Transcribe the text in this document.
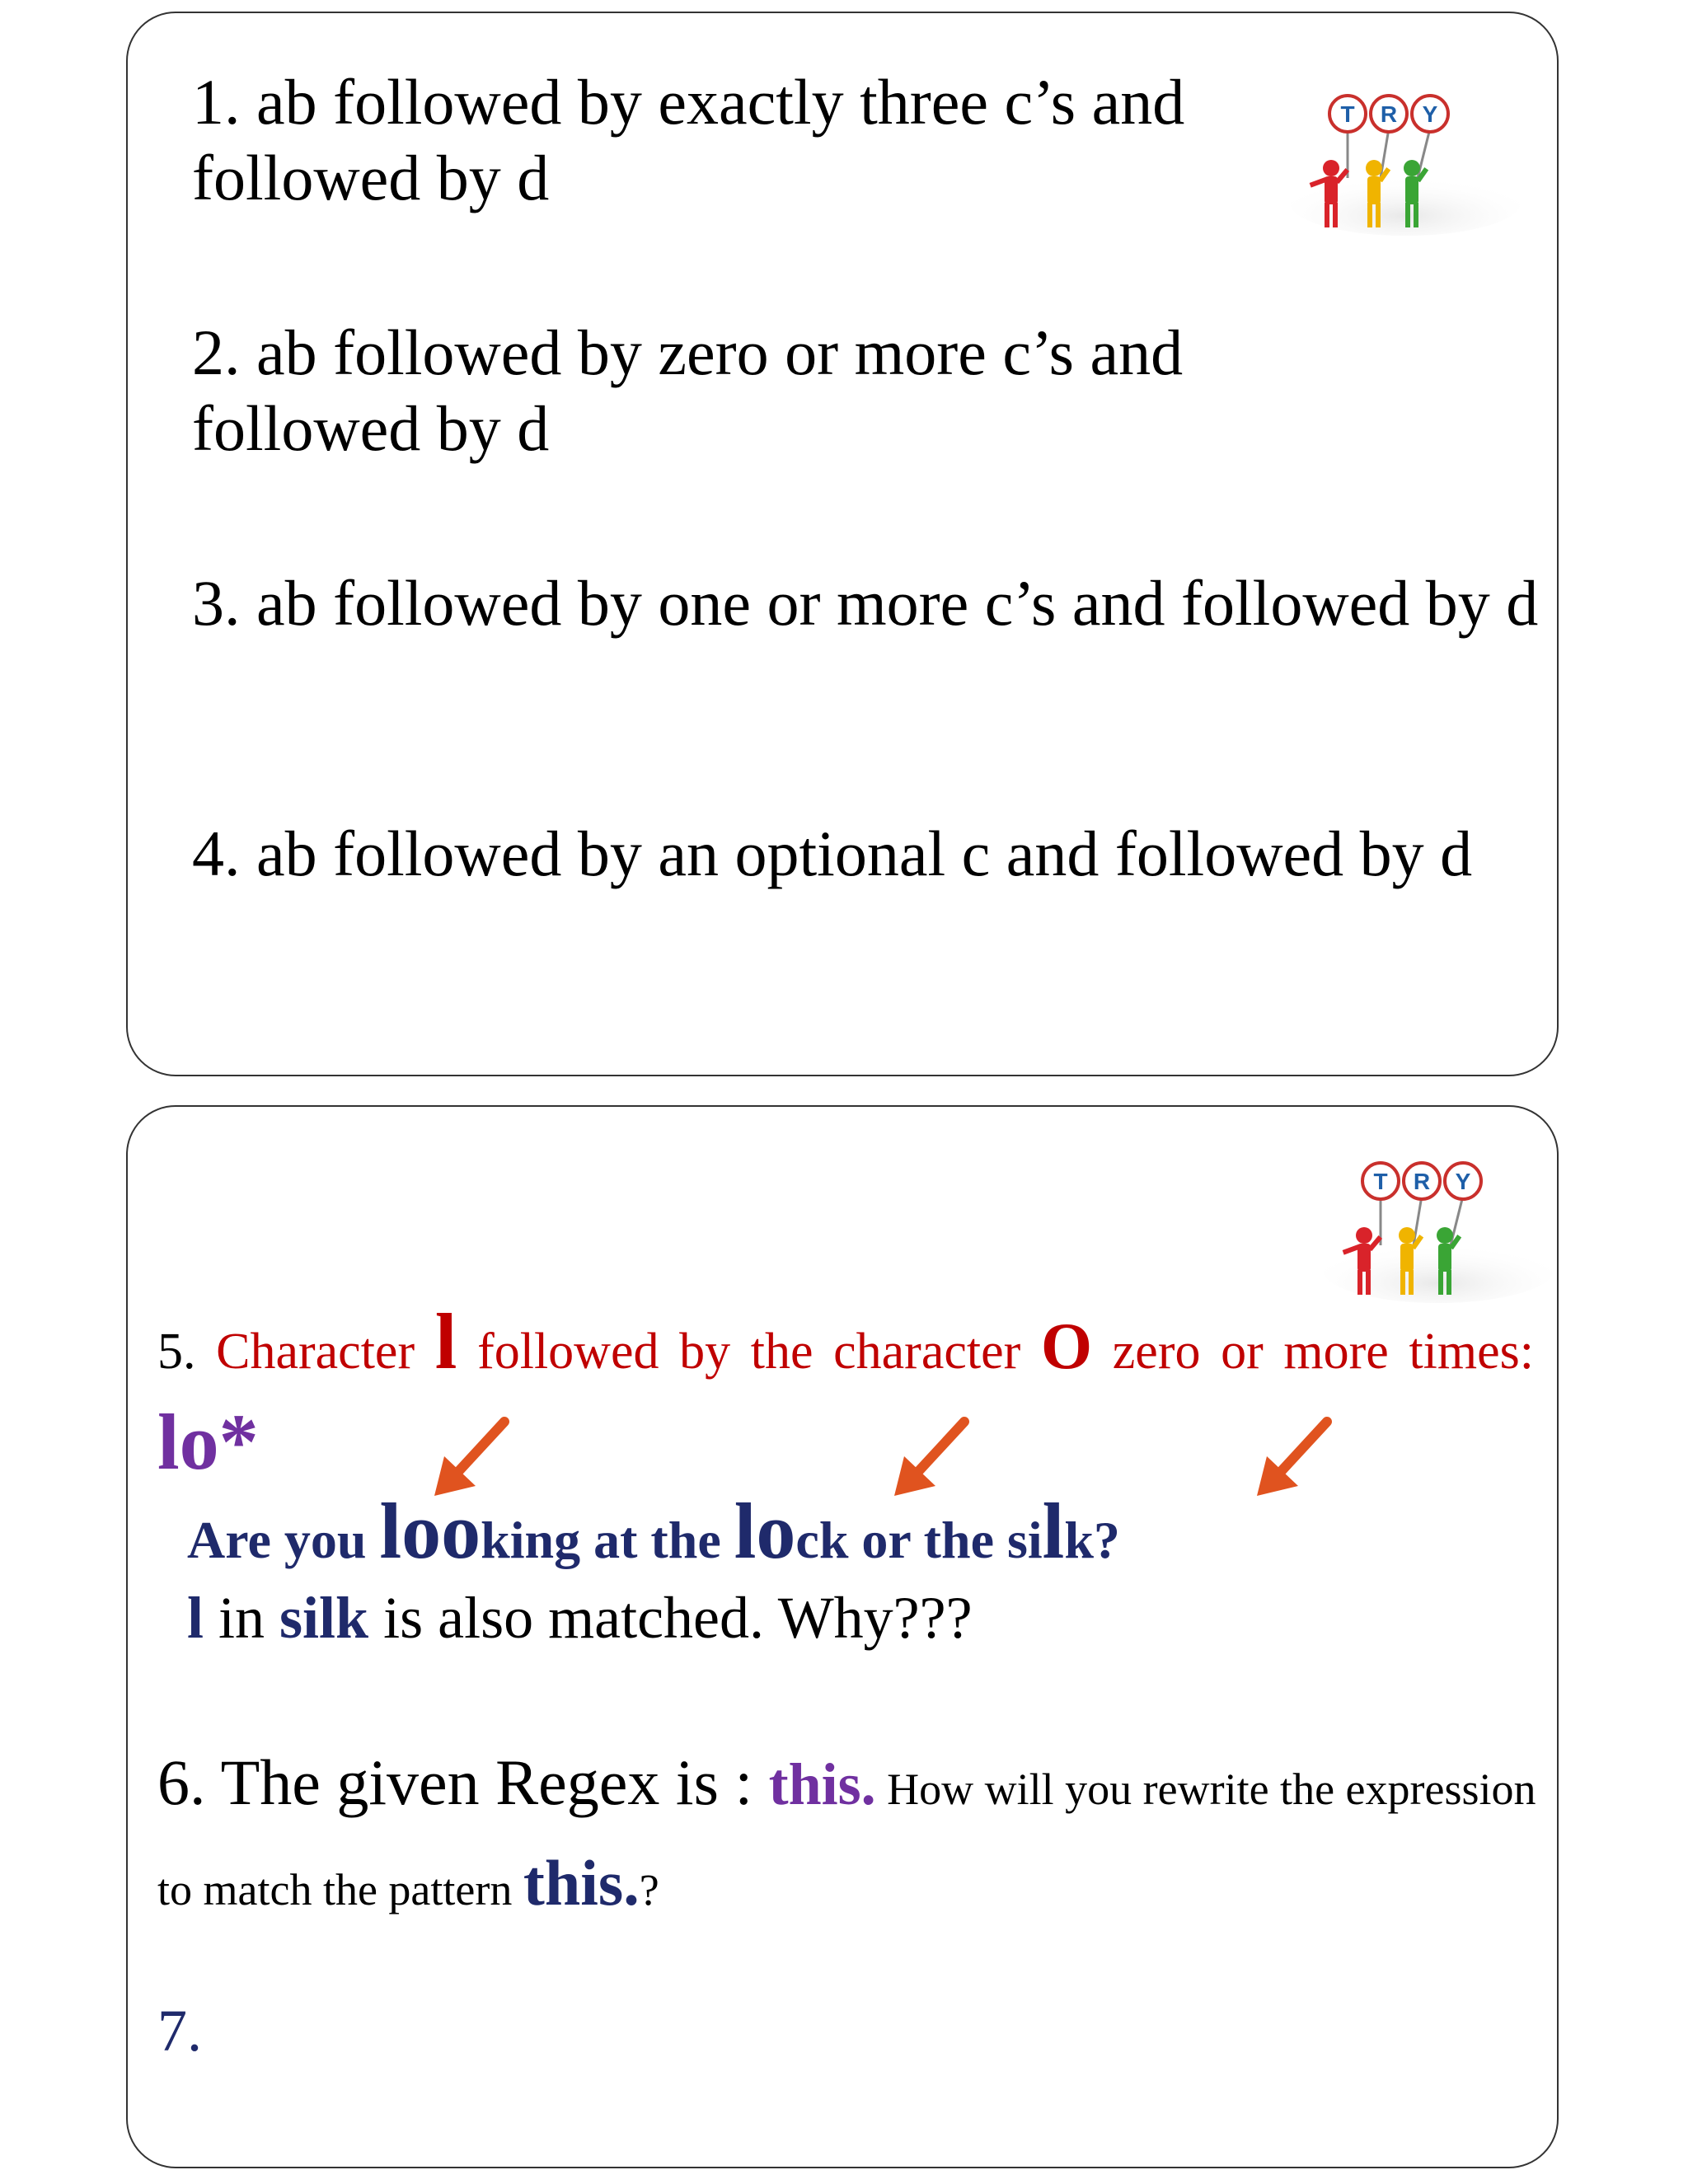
1. ab followed by exactly three c’s and followed by d

2. ab followed by zero or more c’s and followed by d

3. ab followed by one or more c’s and followed by d

4. ab followed by an optional c and followed by d

T R Y
T R Y
5. Character l followed by the character O zero or more times: lo*
Are you looking at the lock or the silk?
l in silk is also matched. Why???
6. The given Regex is : this. How will you rewrite the expression to match the pattern this.?
7.
